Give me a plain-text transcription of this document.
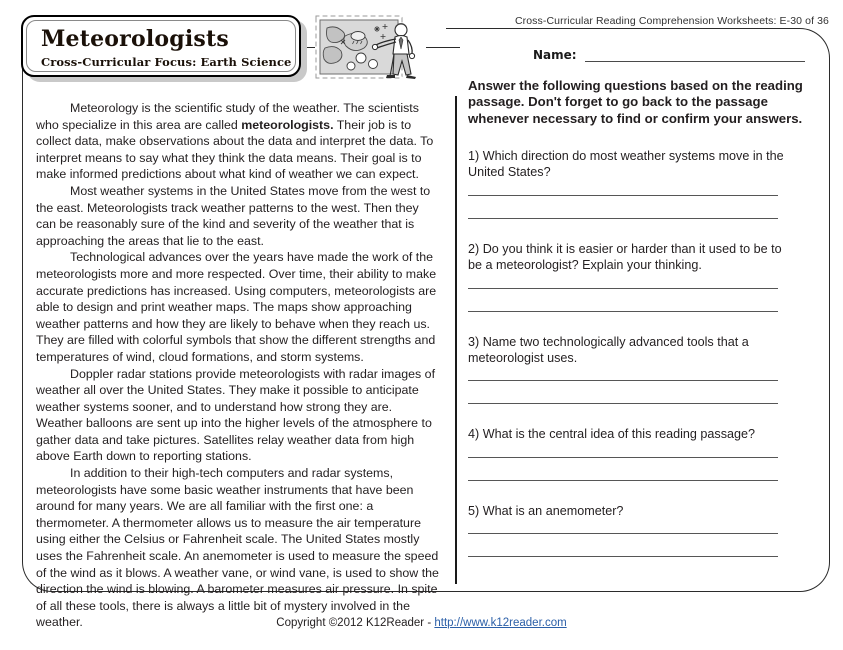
Cross-Curricular Reading Comprehension Worksheets: E-30 of 36
Meteorologists
Cross-Curricular Focus: Earth Science

Meteorology is the scientific study of the weather. The scientists who specialize in this area are called meteorologists. Their job is to collect data, make observations about the data and interpret the data. To interpret means to say what they think the data means. Their goal is to make informed predictions about what kind of weather we can expect.

Most weather systems in the United States move from the west to the east. Meteorologists track weather patterns to the west. Then they can be reasonably sure of the kind and severity of the weather that is approaching the areas that lie to the east.

Technological advances over the years have made the work of the meteorologists more and more respected. Over time, their ability to make accurate predictions has increased. Using computers, meteorologists are able to design and print weather maps. The maps show approaching weather patterns and how they are likely to behave when they reach us. They are filled with colorful symbols that show the different strengths and temperatures of wind, cloud formations, and storm systems.

Doppler radar stations provide meteorologists with radar images of weather all over the United States. They make it possible to anticipate weather systems sooner, and to understand how strong they are. Weather balloons are sent up into the higher levels of the atmosphere to gather data and take pictures. Satellites relay weather data from high above Earth down to reporting stations.

In addition to their high-tech computers and radar systems, meteorologists have some basic weather instruments that have been around for many years. We are all familiar with the first one: a thermometer. A thermometer allows us to measure the air temperature using either the Celsius or Fahrenheit scale. The United States mostly uses the Fahrenheit scale. An anemometer is used to measure the speed of the wind as it blows. A weather vane, or wind vane, is used to show the direction the wind is blowing. A barometer measures air pressure. In spite of all these tools, there is always a little bit of mystery involved in the weather.

Name:
Answer the following questions based on the reading passage. Don't forget to go back to the passage whenever necessary to find or confirm your answers.

1) Which direction do most weather systems move in the United States?

2) Do you think it is easier or harder than it used to be to be a meteorologist? Explain your thinking.

3) Name two technologically advanced tools that a meteorologist uses.

4) What is the central idea of this reading passage?

5) What is an anemometer?

Copyright ©2012 K12Reader - http://www.k12reader.com
